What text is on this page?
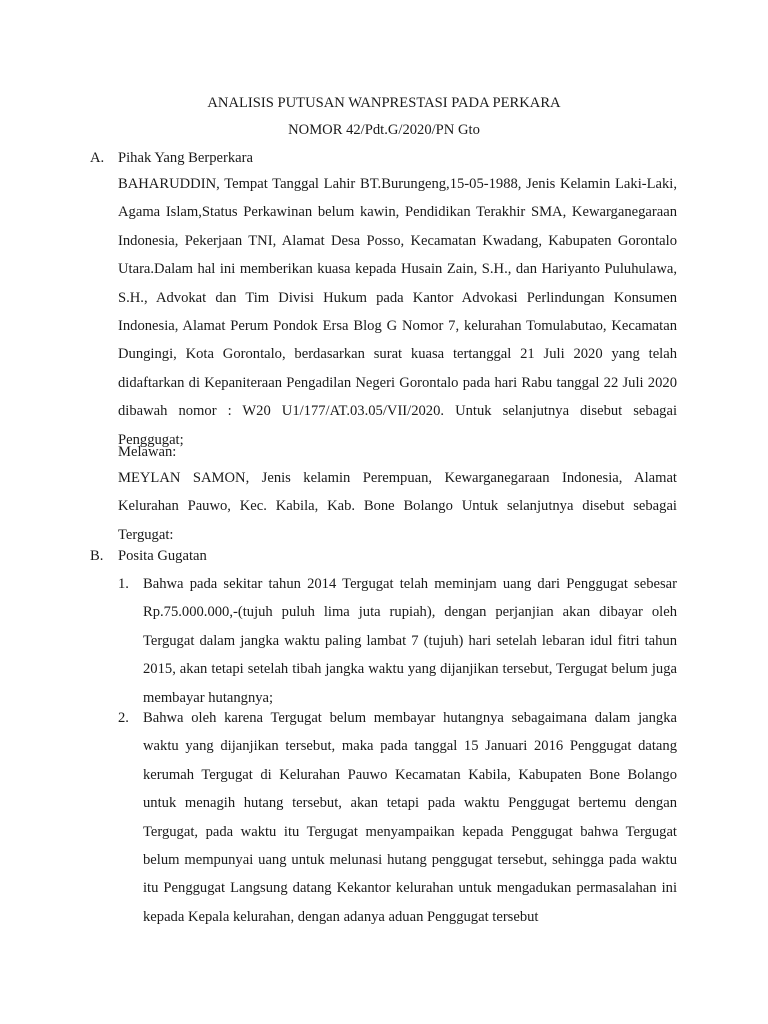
ANALISIS PUTUSAN WANPRESTASI PADA PERKARA
NOMOR 42/Pdt.G/2020/PN Gto
A. Pihak Yang Berperkara

BAHARUDDIN, Tempat Tanggal Lahir BT.Burungeng,15-05-1988, Jenis Kelamin Laki-Laki, Agama Islam,Status Perkawinan belum kawin, Pendidikan Terakhir SMA, Kewarganegaraan Indonesia, Pekerjaan TNI, Alamat Desa Posso, Kecamatan Kwadang, Kabupaten Gorontalo Utara.Dalam hal ini memberikan kuasa kepada Husain Zain, S.H., dan Hariyanto Puluhulawa, S.H., Advokat dan Tim Divisi Hukum pada Kantor Advokasi Perlindungan Konsumen Indonesia, Alamat Perum Pondok Ersa Blog G Nomor 7, kelurahan Tomulabutao, Kecamatan Dungingi, Kota Gorontalo, berdasarkan surat kuasa tertanggal 21 Juli 2020 yang telah didaftarkan di Kepaniteraan Pengadilan Negeri Gorontalo pada hari Rabu tanggal 22 Juli 2020 dibawah nomor : W20 U1/177/AT.03.05/VII/2020. Untuk selanjutnya disebut sebagai Penggugat;

Melawan:

MEYLAN SAMON, Jenis kelamin Perempuan, Kewarganegaraan Indonesia, Alamat Kelurahan Pauwo, Kec. Kabila, Kab. Bone Bolango Untuk selanjutnya disebut sebagai Tergugat:

B.	Posita Gugatan
1. Bahwa pada sekitar tahun 2014 Tergugat telah meminjam uang dari Penggugat sebesar Rp.75.000.000,-(tujuh puluh lima juta rupiah), dengan perjanjian akan dibayar oleh Tergugat dalam jangka waktu paling lambat 7 (tujuh) hari setelah lebaran idul fitri tahun 2015, akan tetapi setelah tibah jangka waktu yang dijanjikan tersebut, Tergugat belum juga membayar hutangnya;

2. Bahwa oleh karena Tergugat belum membayar hutangnya sebagaimana dalam jangka waktu yang dijanjikan tersebut, maka pada tanggal 15 Januari 2016 Penggugat datang kerumah Tergugat di Kelurahan Pauwo Kecamatan Kabila, Kabupaten Bone Bolango untuk menagih hutang tersebut, akan tetapi pada waktu Penggugat bertemu dengan Tergugat, pada waktu itu Tergugat menyampaikan kepada Penggugat bahwa Tergugat belum mempunyai uang untuk melunasi hutang penggugat tersebut, sehingga pada waktu itu Penggugat Langsung datang Kekantor kelurahan untuk mengadukan permasalahan ini kepada Kepala kelurahan, dengan adanya aduan Penggugat tersebut
